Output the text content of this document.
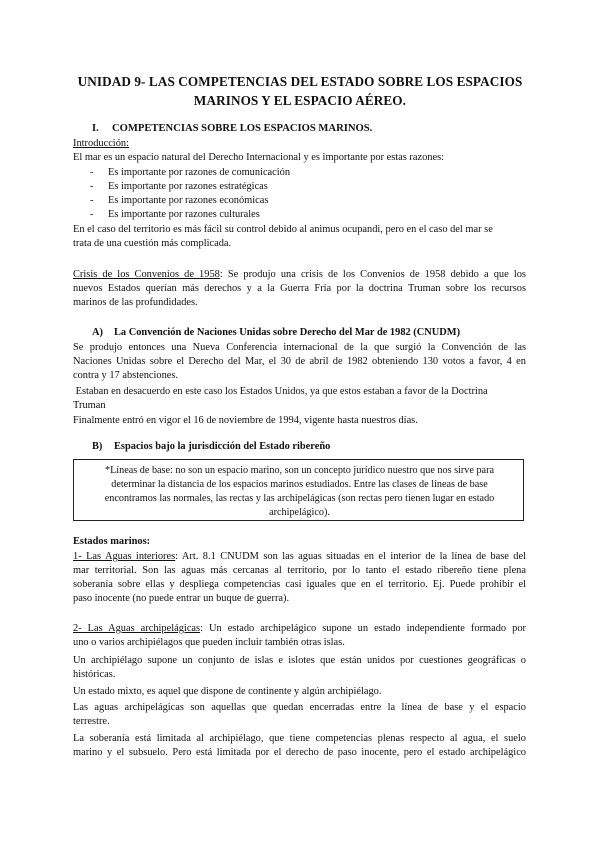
UNIDAD 9- LAS COMPETENCIAS DEL ESTADO SOBRE LOS ESPACIOS
MARINOS Y EL ESPACIO AÉREO.
I. COMPETENCIAS SOBRE LOS ESPACIOS MARINOS.
Introducción:
El mar es un espacio natural del Derecho Internacional y es importante por estas razones:
- Es importante por razones de comunicación
- Es importante por razones estratégicas
- Es importante por razones económicas
- Es importante por razones culturales
En el caso del territorio es más fácil su control debido al animus ocupandi, pero en el caso del mar se
trata de una cuestión más complicada.
Crisis de los Convenios de 1958: Se produjo una crisis de los Convenios de 1958 debido a que los
nuevos Estados querían más derechos y a la Guerra Fría por la doctrina Truman sobre los recursos
marinos de las profundidades.
A) La Convención de Naciones Unidas sobre Derecho del Mar de 1982 (CNUDM)
Se produjo entonces una Nueva Conferencia internacional de la que surgió la Convención de las
Naciones Unidas sobre el Derecho del Mar, el 30 de abril de 1982 obteniendo 130 votos a favor, 4 en
contra y 17 abstenciones.
Estaban en desacuerdo en este caso los Estados Unidos, ya que estos estaban a favor de la Doctrina
Truman
Finalmente entró en vigor el 16 de noviembre de 1994, vigente hasta nuestros días.
B) Espacios bajo la jurisdicción del Estado ribereño
*Líneas de base: no son un espacio marino, son un concepto jurídico nuestro que nos sirve para
determinar la distancia de los espacios marinos estudiados. Entre las clases de líneas de base
encontramos las normales, las rectas y las archipelágicas (son rectas pero tienen lugar en estado
archipelágico).
Estados marinos:
1- Las Aguas interiores: Art. 8.1 CNUDM son las aguas situadas en el interior de la línea de base del
mar territorial. Son las aguas más cercanas al territorio, por lo tanto el estado ribereño tiene plena
soberanía sobre ellas y despliega competencias casi iguales que en el territorio. Ej. Puede prohibir el
paso inocente (no puede entrar un buque de guerra).
2- Las Aguas archipelágicas: Un estado archipelágico supone un estado independiente formado por
uno o varios archipiélagos que pueden incluir también otras islas.
Un archipiélago supone un conjunto de islas e islotes que están unidos por cuestiones geográficas o
históricas.
Un estado mixto, es aquel que dispone de continente y algún archipiélago.
Las aguas archipelágicas son aquellas que quedan encerradas entre la línea de base y el espacio
terrestre.
La soberanía está limitada al archipiélago, que tiene competencias plenas respecto al agua, el suelo
marino y el subsuelo. Pero está limitada por el derecho de paso inocente, pero el estado archipelágico
